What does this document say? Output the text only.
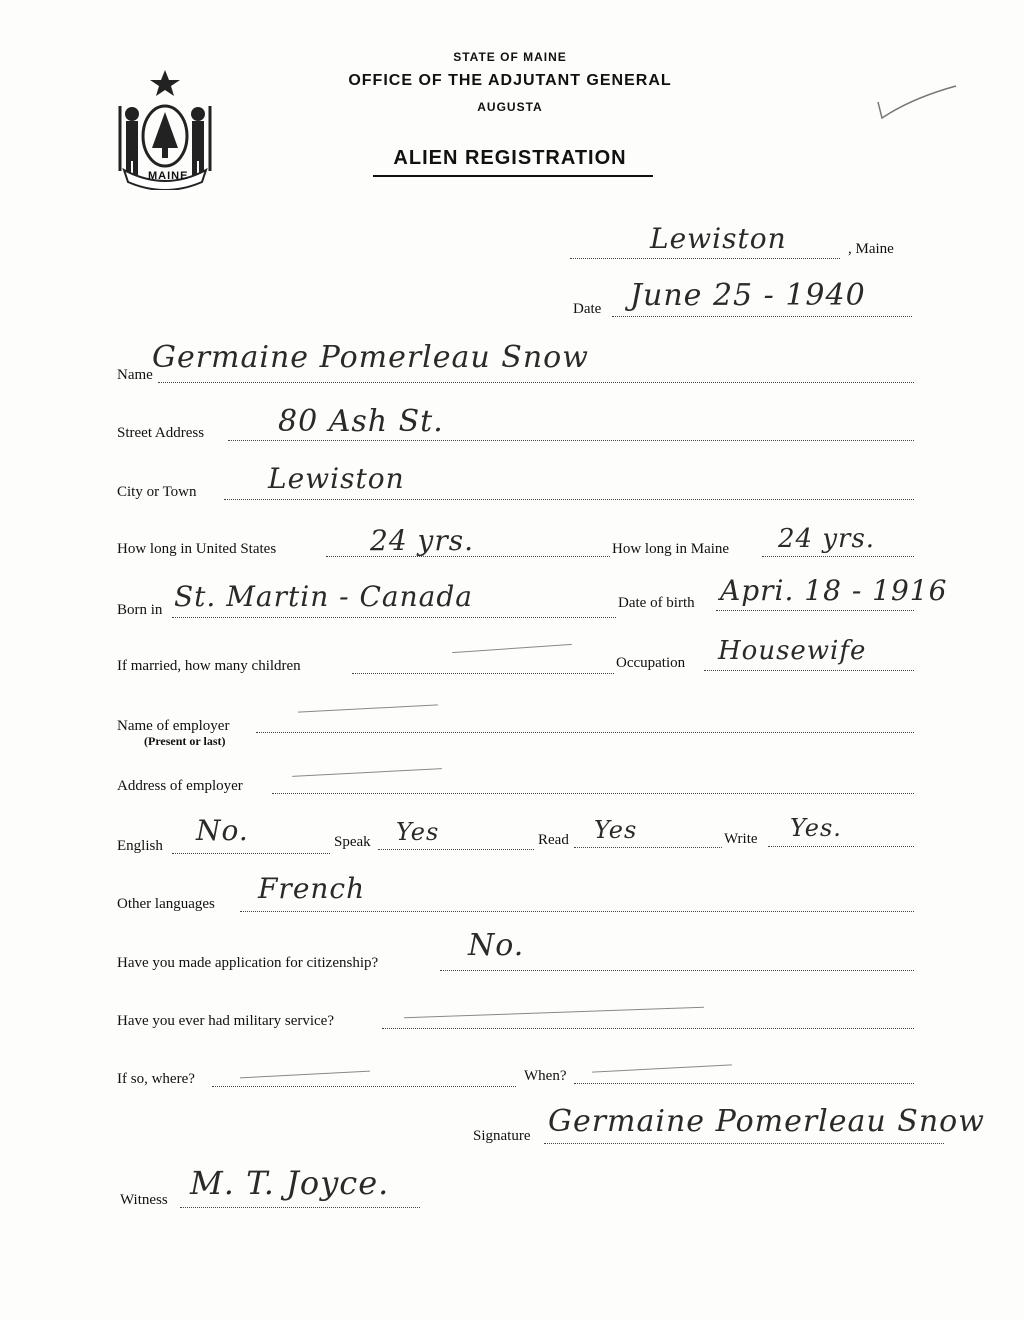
MAINE
STATE OF MAINE
OFFICE OF THE ADJUTANT GENERAL
AUGUSTA
ALIEN REGISTRATION
Lewiston	, Maine
Date June 25 - 1940
Name Germaine Pomerleau Snow
Street Address 80 Ash St.
City or Town	Lewiston
How long in United States	24 yrs.	How long in Maine 24 yrs.
Born in St. Martin - Canada	Date of birth Apri. 18 - 1916
If married, how many children	Occupation Housewife
Name of employer
(Present or last)
Address of employer
English No.	Speak Yes	Read Yes	Write Yes.
Other languages French
Have you made application for citizenship?	No.
Have you ever had military service?
If so, where?	When?
Signature Germaine Pomerleau Snow
Witness M. T. Joyce.
